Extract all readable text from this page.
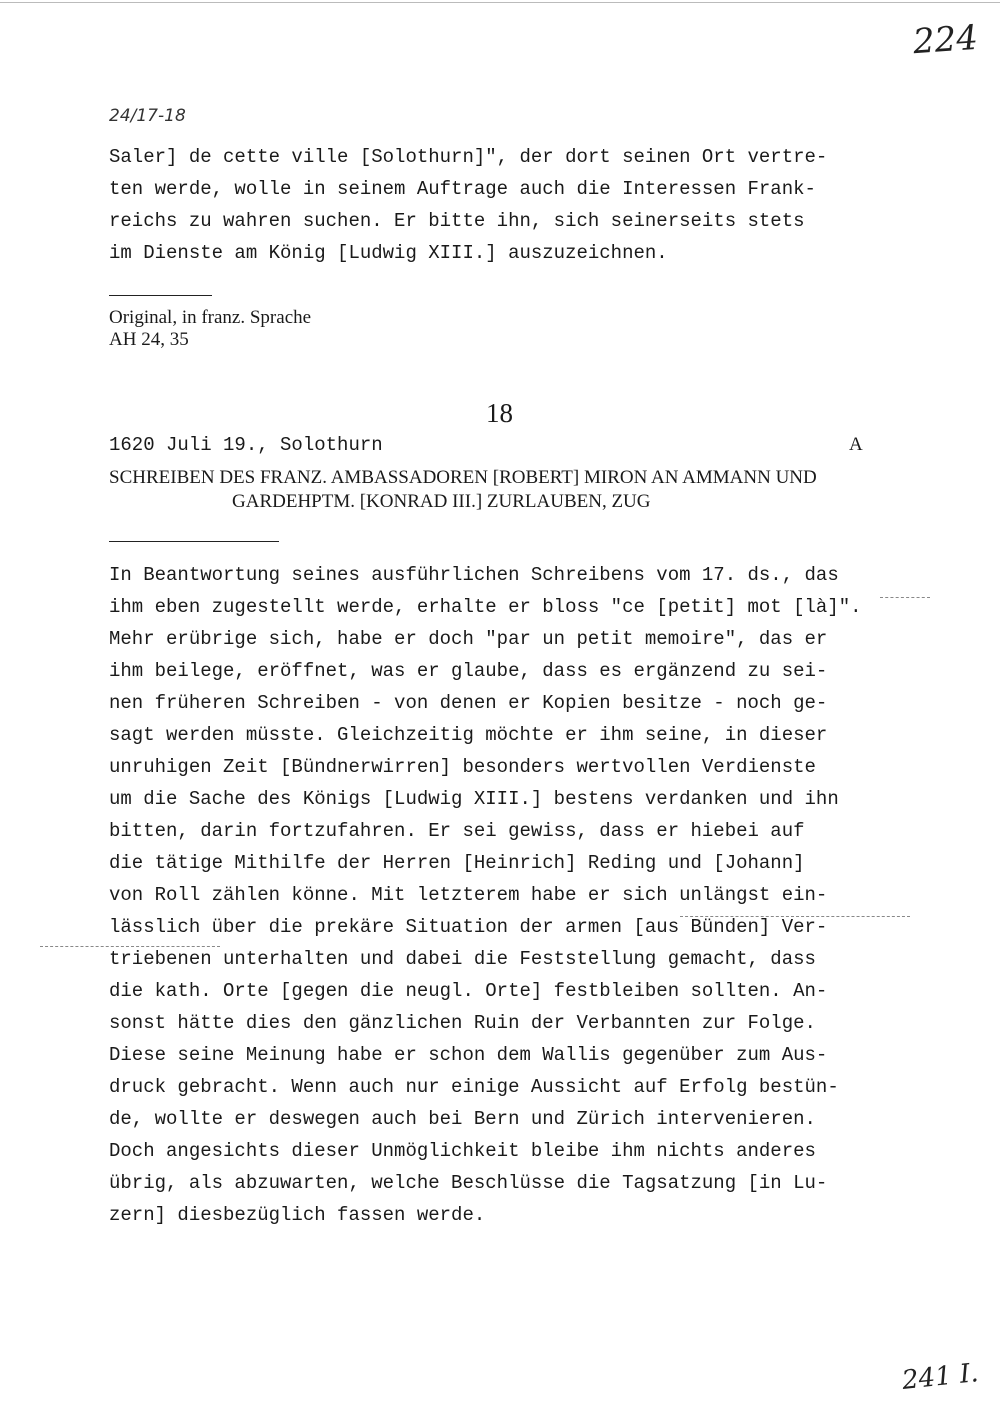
224
24/17-18
Saler] de cette ville [Solothurn]", der dort seinen Ort vertre-
ten werde, wolle in seinem Auftrage auch die Interessen Frank-
reichs zu wahren suchen. Er bitte ihn, sich seinerseits stets
im Dienste am König [Ludwig XIII.] auszuzeichnen.
Original, in franz. Sprache
AH 24, 35
18
1620 Juli 19., Solothurn	A
SCHREIBEN DES FRANZ. AMBASSADOREN [ROBERT] MIRON AN AMMANN UND
GARDEHPTM. [KONRAD III.] ZURLAUBEN, ZUG
In Beantwortung seines ausführlichen Schreibens vom 17. ds., das
ihm eben zugestellt werde, erhalte er bloss "ce [petit] mot [là]".
Mehr erübrige sich, habe er doch "par un petit memoire", das er
ihm beilege, eröffnet, was er glaube, dass es ergänzend zu sei-
nen früheren Schreiben - von denen er Kopien besitze - noch ge-
sagt werden müsste. Gleichzeitig möchte er ihm seine, in dieser
unruhigen Zeit [Bündnerwirren] besonders wertvollen Verdienste
um die Sache des Königs [Ludwig XIII.] bestens verdanken und ihn
bitten, darin fortzufahren. Er sei gewiss, dass er hiebei auf
die tätige Mithilfe der Herren [Heinrich] Reding und [Johann]
von Roll zählen könne. Mit letzterem habe er sich unlängst ein-
lässlich über die prekäre Situation der armen [aus Bünden] Ver-
triebenen unterhalten und dabei die Feststellung gemacht, dass
die kath. Orte [gegen die neugl. Orte] festbleiben sollten. An-
sonst hätte dies den gänzlichen Ruin der Verbannten zur Folge.
Diese seine Meinung habe er schon dem Wallis gegenüber zum Aus-
druck gebracht. Wenn auch nur einige Aussicht auf Erfolg bestün-
de, wollte er deswegen auch bei Bern und Zürich intervenieren.
Doch angesichts dieser Unmöglichkeit bleibe ihm nichts anderes
übrig, als abzuwarten, welche Beschlüsse die Tagsatzung [in Lu-
zern] diesbezüglich fassen werde.
241 I.
